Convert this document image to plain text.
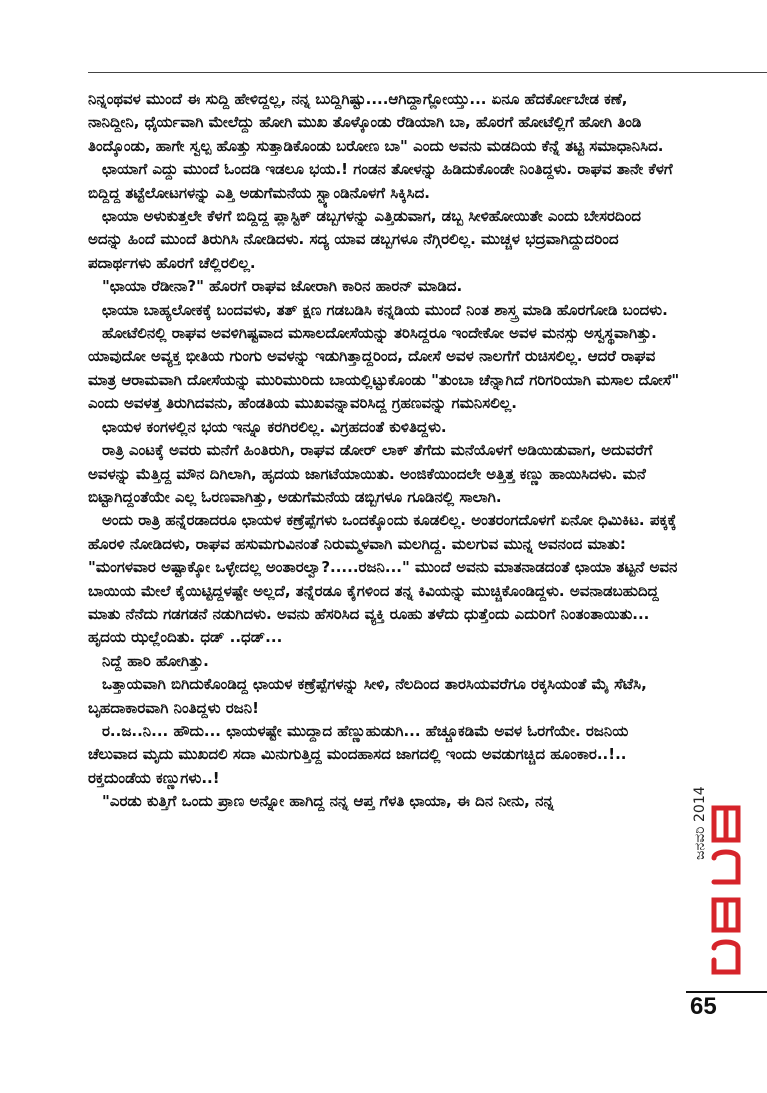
ನಿನ್ನಂಥವಳ ಮುಂದೆ ಈ ಸುದ್ದಿ ಹೇಳಿದ್ದಲ್ಲ, ನನ್ನ ಬುದ್ದಿಗಿಷ್ಟು....ಆಗಿದ್ದಾಗ್ಲೋಯ್ತು... ಏನೂ ಹೆದರ್ಕೋಬೇಡ ಕಣೆ, ನಾನಿದ್ದೀನಿ, ಧೈರ್ಯವಾಗಿ ಮೇಲೆದ್ದು ಹೋಗಿ ಮುಖ ತೊಳ್ಕೊಂಡು ರೆಡಿಯಾಗಿ ಬಾ, ಹೊರಗೆ ಹೋಟೆಲ್ಲಿಗೆ ಹೋಗಿ ತಿಂಡಿ ತಿಂದ್ಕೊಂಡು, ಹಾಗೇ ಸ್ವಲ್ಪ ಹೊತ್ತು ಸುತ್ತಾಡಿಕೊಂಡು ಬರೋಣ ಬಾ" ಎಂದು ಅವನು ಮಡದಿಯ ಕೆನ್ನೆ ತಟ್ಟಿ ಸಮಾಧಾನಿಸಿದ.

ಛಾಯಾಗೆ ಎದ್ದು ಮುಂದೆ ಓಂದಡಿ ಇಡಲೂ ಭಯ.! ಗಂಡನ ತೋಳನ್ನು ಹಿಡಿದುಕೊಂಡೇ ನಿಂತಿದ್ದಳು. ರಾಘವ ತಾನೇ ಕೆಳಗೆ ಬಿದ್ದಿದ್ದ ತಟ್ಟೆಲೋಟಗಳನ್ನು ಎತ್ತಿ ಅಡುಗೆಮನೆಯ ಸ್ಟ್ಯಾಂಡಿನೊಳಗೆ ಸಿಕ್ಕಿಸಿದ.

ಛಾಯಾ ಅಳುಕುತ್ತಲೇ ಕೆಳಗೆ ಬಿದ್ದಿದ್ದ ಪ್ಲಾಸ್ಟಿಕ್ ಡಬ್ಬಗಳನ್ನು ಎತ್ತಿಡುವಾಗ, ಡಬ್ಬ ಸೀಳಿಹೋಯಿತೇ ಎಂದು ಬೇಸರದಿಂದ ಅದನ್ನು ಹಿಂದೆ ಮುಂದೆ ತಿರುಗಿಸಿ ನೋಡಿದಳು. ಸದ್ಯ ಯಾವ ಡಬ್ಬಗಳೂ ನೆಗ್ಗಿರಲಿಲ್ಲ. ಮುಚ್ಚಳ ಭದ್ರವಾಗಿದ್ದುದರಿಂದ ಪದಾರ್ಥಗಳು ಹೊರಗೆ ಚೆಲ್ಲಿರಲಿಲ್ಲ.

"ಛಾಯಾ ರೆಡೀನಾ?" ಹೊರಗೆ ರಾಘವ ಜೋರಾಗಿ ಕಾರಿನ ಹಾರನ್ ಮಾಡಿದ.

ಛಾಯಾ ಬಾಹ್ಯಲೋಕಕ್ಕೆ ಬಂದವಳು, ತತ್ ಕ್ಷಣ ಗಡಬಡಿಸಿ ಕನ್ನಡಿಯ ಮುಂದೆ ನಿಂತ ಶಾಸ್ತ್ರ ಮಾಡಿ ಹೊರಗೋಡಿ ಬಂದಳು.

ಹೋಟೆಲಿನಲ್ಲಿ ರಾಘವ ಅವಳಿಗಿಷ್ಟವಾದ ಮಸಾಲದೋಸೆಯನ್ನು ತರಿಸಿದ್ದರೂ ಇಂದೇಕೋ ಅವಳ ಮನಸ್ಸು ಅಸ್ವಸ್ಥವಾಗಿತ್ತು. ಯಾವುದೋ ಅವ್ಯಕ್ತ ಭೀತಿಯ ಗುಂಗು ಅವಳನ್ನು ಇಡುಗಿತ್ತಾದ್ದರಿಂದ, ದೋಸೆ ಅವಳ ನಾಲಗೆಗೆ ರುಚಿಸಲಿಲ್ಲ. ಆದರೆ ರಾಘವ ಮಾತ್ರ ಆರಾಮವಾಗಿ ದೋಸೆಯನ್ನು ಮುರಿಮುರಿದು ಬಾಯಲ್ಲಿಟ್ಟುಕೊಂಡು "ತುಂಬಾ ಚೆನ್ನಾಗಿದೆ ಗರಿಗರಿಯಾಗಿ ಮಸಾಲ ದೋಸೆ" ಎಂದು ಅವಳತ್ತ ತಿರುಗಿದವನು, ಹೆಂಡತಿಯ ಮುಖವನ್ನಾವರಿಸಿದ್ದ ಗ್ರಹಣವನ್ನು ಗಮನಿಸಲಿಲ್ಲ.

ಛಾಯಳ ಕಂಗಳಲ್ಲಿನ ಭಯ ಇನ್ನೂ ಕರಗಿರಲಿಲ್ಲ. ವಿಗ್ರಹದಂತೆ ಕುಳಿತಿದ್ದಳು.

ರಾತ್ರಿ ಎಂಟಕ್ಕೆ ಅವರು ಮನೆಗೆ ಹಿಂತಿರುಗಿ, ರಾಘವ ಡೋರ್ ಲಾಕ್ ತೆಗೆದು ಮನೆಯೊಳಗೆ ಅಡಿಯಿಡುವಾಗ, ಅದುವರೆಗೆ ಅವಳನ್ನು ಮೆತ್ತಿದ್ದ ಮೌನ ದಿಗಿಲಾಗಿ, ಹೃದಯ ಜಾಗಟೆಯಾಯಿತು. ಅಂಜಿಕೆಯಿಂದಲೇ ಅತ್ತಿತ್ತ ಕಣ್ಣು ಹಾಯಿಸಿದಳು. ಮನೆ ಬಿಟ್ಟಾಗಿದ್ದಂತೆಯೇ ಎಲ್ಲ ಓರಣವಾಗಿತ್ತು, ಅಡುಗೆಮನೆಯ ಡಬ್ಬಿಗಳೂ ಗೂಡಿನಲ್ಲಿ ಸಾಲಾಗಿ.

ಅಂದು ರಾತ್ರಿ ಹನ್ನೆರಡಾದರೂ ಛಾಯಳ ಕಣ್ರೆಪ್ಪೆಗಳು ಒಂದಕ್ಕೊಂದು ಕೂಡಲಿಲ್ಲ. ಅಂತರಂಗದೊಳಗೆ ಏನೋ ಧಿಮಿಕಿಟ. ಪಕ್ಕಕ್ಕೆ ಹೊರಳಿ ನೋಡಿದಳು, ರಾಘವ ಹಸುಮಗುವಿನಂತೆ ನಿರುಮ್ಮಳವಾಗಿ ಮಲಗಿದ್ದ. ಮಲಗುವ ಮುನ್ನ ಅವನಂದ ಮಾತು: "ಮಂಗಳವಾರ ಅಷ್ಟಾಕ್ಕೋ ಒಳ್ಳೇದಲ್ಲ ಅಂತಾರಲ್ವಾ?.....ರಜನಿ..." ಮುಂದೆ ಅವನು ಮಾತನಾಡದಂತೆ ಛಾಯಾ ತಟ್ಟನೆ ಅವನ ಬಾಯಿಯ ಮೇಲೆ ಕೈಯಿಟ್ಟಿದ್ದಳಷ್ಟೇ ಅಲ್ಲದೆ, ತನ್ನೆರಡೂ ಕೈಗಳಿಂದ ತನ್ನ ಕಿವಿಯನ್ನು ಮುಚ್ಚಿಕೊಂಡಿದ್ದಳು. ಅವನಾಡಬಹುದಿದ್ದ ಮಾತು ನೆನೆದು ಗಡಗಡನೆ ನಡುಗಿದಳು. ಅವನು ಹೆಸರಿಸಿದ ವ್ಯಕ್ತಿ ರೂಹು ತಳೆದು ಧುತ್ತೆಂದು ಎದುರಿಗೆ ನಿಂತಂತಾಯಿತು... ಹೃದಯ ಝಲ್ಲೆಂದಿತು. ಧಡ್ ..ಧಡ್...

ನಿದ್ದೆ ಹಾರಿ ಹೋಗಿತ್ತು.

ಒತ್ತಾಯವಾಗಿ ಬಿಗಿದುಕೊಂಡಿದ್ದ ಛಾಯಳ ಕಣ್ರೆಪ್ಪೆಗಳನ್ನು ಸೀಳಿ, ನೆಲದಿಂದ ತಾರಸಿಯವರೆಗೂ ರಕ್ಕಸಿಯಂತೆ ಮೈ ಸೆಟೆಸಿ, ಬೃಹದಾಕಾರವಾಗಿ ನಿಂತಿದ್ದಳು ರಜನಿ!

ರ..ಜ..ನಿ... ಹೌದು... ಛಾಯಳಷ್ಟೇ ಮುದ್ದಾದ ಹೆಣ್ಣುಹುಡುಗಿ... ಹೆಚ್ಚೂಕಡಿಮೆ ಅವಳ ಓರಗೆಯೇ. ರಜನಿಯ ಚೆಲುವಾದ ಮೃದು ಮುಖದಲಿ ಸದಾ ಮಿನುಗುತ್ತಿದ್ದ ಮಂದಹಾಸದ ಜಾಗದಲ್ಲಿ ಇಂದು ಅವಡುಗಚ್ಚಿದ ಹೂಂಕಾರ..!.. ರಕ್ತದುಂಡೆಯ ಕಣ್ಣುಗಳು..!

"ಎರಡು ಕುತ್ತಿಗೆ ಒಂದು ಪ್ರಾಣ ಅನ್ನೋ ಹಾಗಿದ್ದ ನನ್ನ ಆಪ್ತ ಗೆಳತಿ ಛಾಯಾ, ಈ ದಿನ ನೀನು, ನನ್ನ	ಜನವರಿ 2014
65
